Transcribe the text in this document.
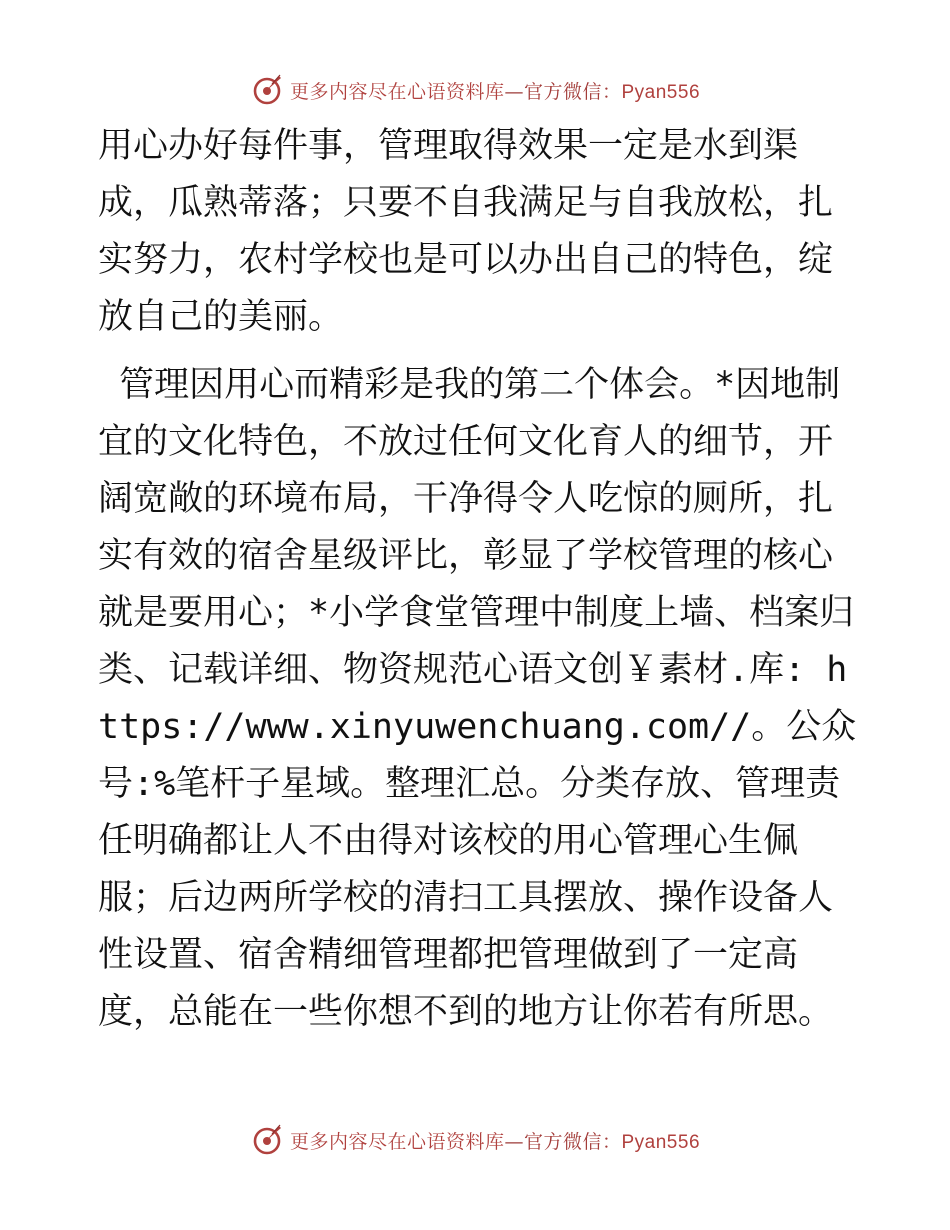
更多内容尽在心语资料库—官方微信：Pyan556

用心办好每件事，管理取得效果一定是水到渠成，瓜熟蒂落；只要不自我满足与自我放松，扎实努力，农村学校也是可以办出自己的特色，绽放自己的美丽。

管理因用心而精彩是我的第二个体会。*因地制宜的文化特色，不放过任何文化育人的细节，开阔宽敞的环境布局，干净得令人吃惊的厕所，扎实有效的宿舍星级评比，彰显了学校管理的核心就是要用心；*小学食堂管理中制度上墙、档案归类、记载详细、物资规范心语文创￥素材.库: https://www.xinyuwenchuang.com//。公众号:%笔杆子星域。整理汇总。分类存放、管理责任明确都让人不由得对该校的用心管理心生佩服；后边两所学校的清扫工具摆放、操作设备人性设置、宿舍精细管理都把管理做到了一定高度，总能在一些你想不到的地方让你若有所思。

更多内容尽在心语资料库—官方微信：Pyan556
